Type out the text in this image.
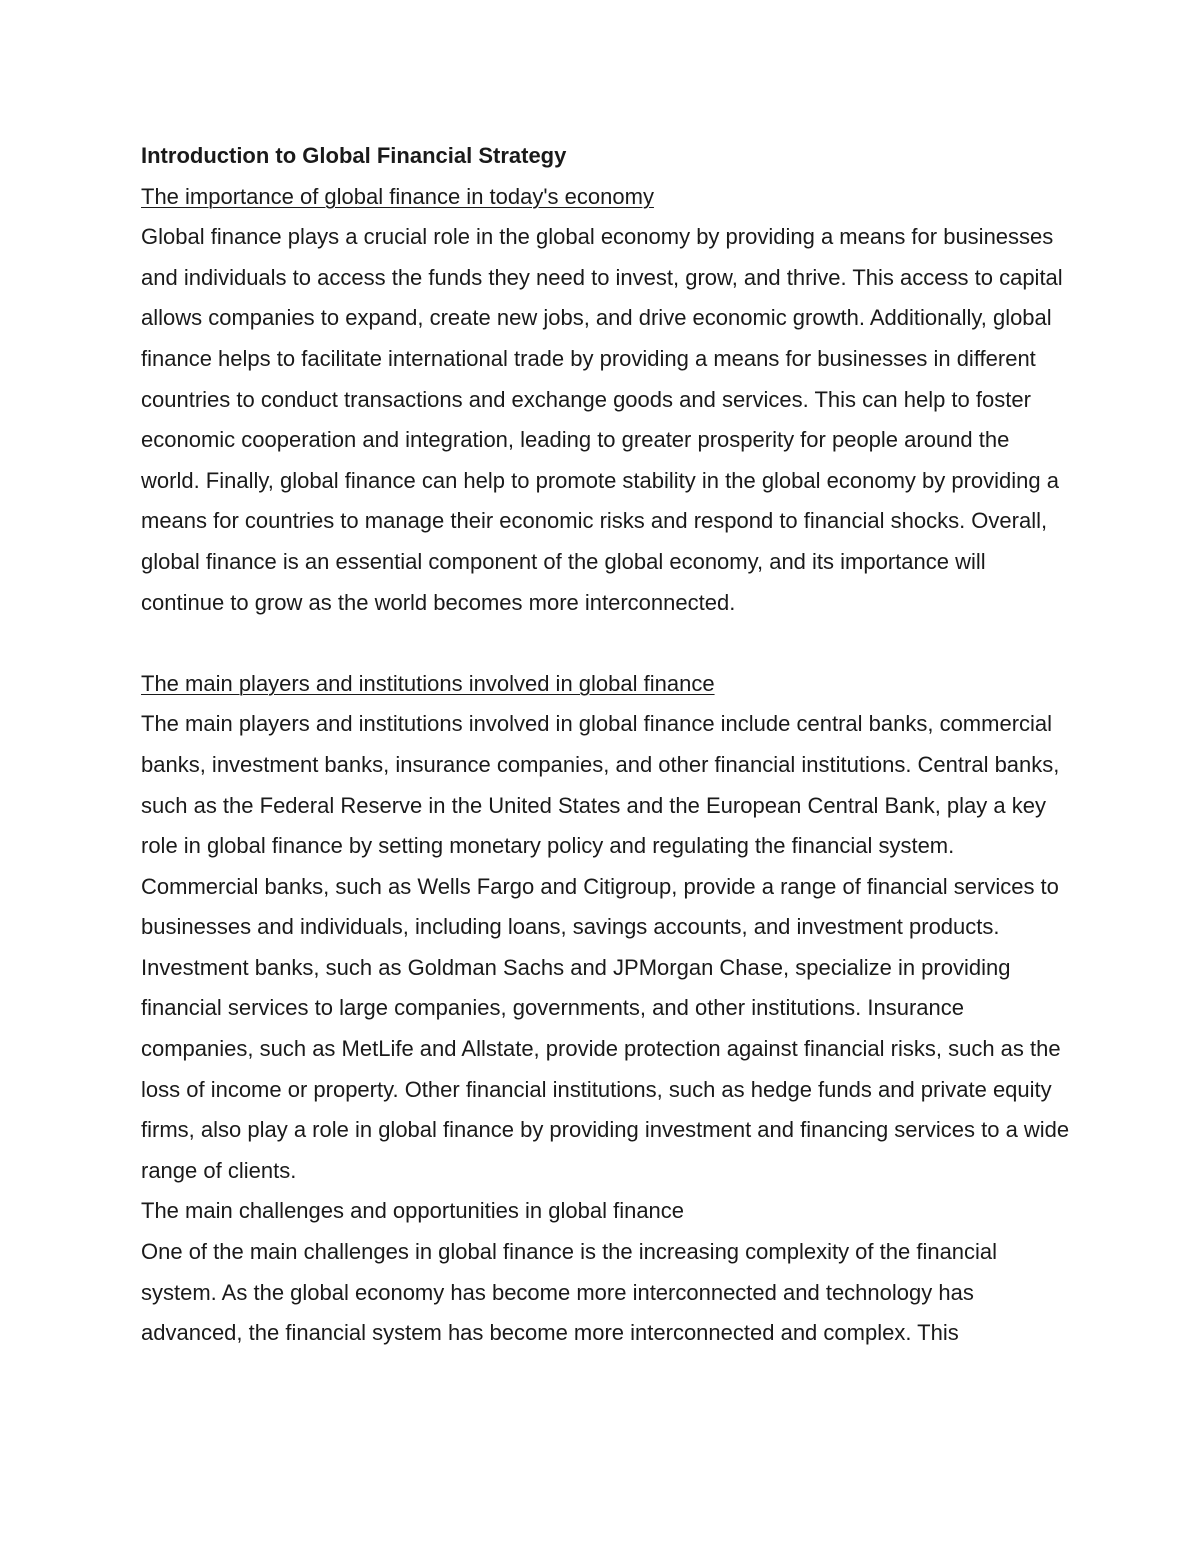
Introduction to Global Financial Strategy
The importance of global finance in today's economy

Global finance plays a crucial role in the global economy by providing a means for businesses and individuals to access the funds they need to invest, grow, and thrive. This access to capital allows companies to expand, create new jobs, and drive economic growth. Additionally, global finance helps to facilitate international trade by providing a means for businesses in different countries to conduct transactions and exchange goods and services. This can help to foster economic cooperation and integration, leading to greater prosperity for people around the world. Finally, global finance can help to promote stability in the global economy by providing a means for countries to manage their economic risks and respond to financial shocks. Overall, global finance is an essential component of the global economy, and its importance will continue to grow as the world becomes more interconnected.

The main players and institutions involved in global finance

The main players and institutions involved in global finance include central banks, commercial banks, investment banks, insurance companies, and other financial institutions. Central banks, such as the Federal Reserve in the United States and the European Central Bank, play a key role in global finance by setting monetary policy and regulating the financial system. Commercial banks, such as Wells Fargo and Citigroup, provide a range of financial services to businesses and individuals, including loans, savings accounts, and investment products. Investment banks, such as Goldman Sachs and JPMorgan Chase, specialize in providing financial services to large companies, governments, and other institutions. Insurance companies, such as MetLife and Allstate, provide protection against financial risks, such as the loss of income or property. Other financial institutions, such as hedge funds and private equity firms, also play a role in global finance by providing investment and financing services to a wide range of clients.

The main challenges and opportunities in global finance

One of the main challenges in global finance is the increasing complexity of the financial system. As the global economy has become more interconnected and technology has advanced, the financial system has become more interconnected and complex. This
